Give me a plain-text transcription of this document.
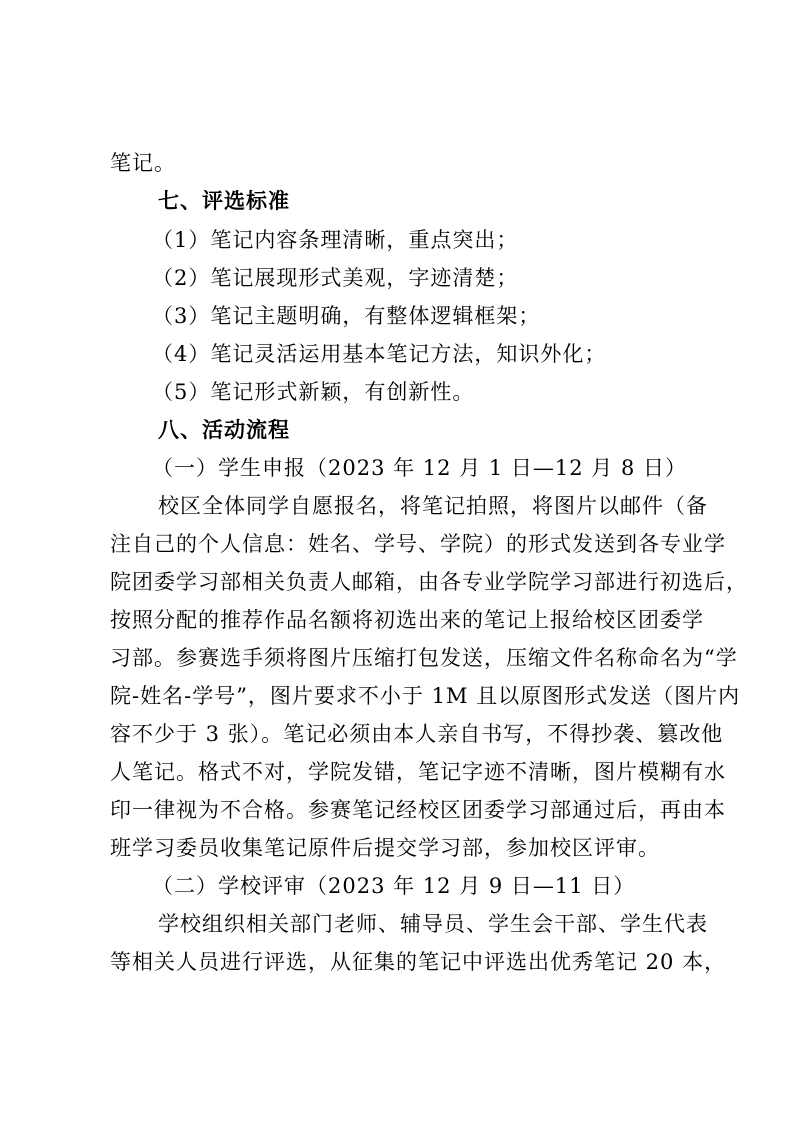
笔记。
七、评选标准
（1）笔记内容条理清晰，重点突出；
（2）笔记展现形式美观，字迹清楚；
（3）笔记主题明确，有整体逻辑框架；
（4）笔记灵活运用基本笔记方法，知识外化；
（5）笔记形式新颖，有创新性。
八、活动流程
（一）学生申报（2023 年 12 月 1 日—12 月 8 日）
校区全体同学自愿报名，将笔记拍照，将图片以邮件（备
注自己的个人信息：姓名、学号、学院）的形式发送到各专业学
院团委学习部相关负责人邮箱，由各专业学院学习部进行初选后，
按照分配的推荐作品名额将初选出来的笔记上报给校区团委学
习部。参赛选手须将图片压缩打包发送，压缩文件名称命名为“学
院-姓名-学号”，图片要求不小于 1M 且以原图形式发送（图片内
容不少于 3 张）。笔记必须由本人亲自书写，不得抄袭、篡改他
人笔记。格式不对，学院发错，笔记字迹不清晰，图片模糊有水
印一律视为不合格。参赛笔记经校区团委学习部通过后，再由本
班学习委员收集笔记原件后提交学习部，参加校区评审。
（二）学校评审（2023 年 12 月 9 日—11 日）
学校组织相关部门老师、辅导员、学生会干部、学生代表
等相关人员进行评选，从征集的笔记中评选出优秀笔记 20 本，
